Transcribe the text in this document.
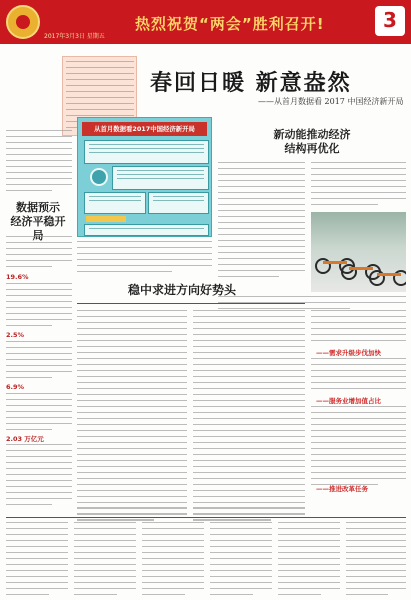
2017年3月3日 星期五
热烈祝贺“两会”胜利召开!	3
春回日暖 新意盎然
——从首月数据看 2017 中国经济新开局
数据预示
经济平稳开
19.6%
2.5%
6.9%
2.03 万亿元
从首月数据看2017中国经济新开局	新动能推动经济
结构再优化
稳中求进方向好势头
——需求升级步伐加快
——服务业增加值占比
——推进改革任务
